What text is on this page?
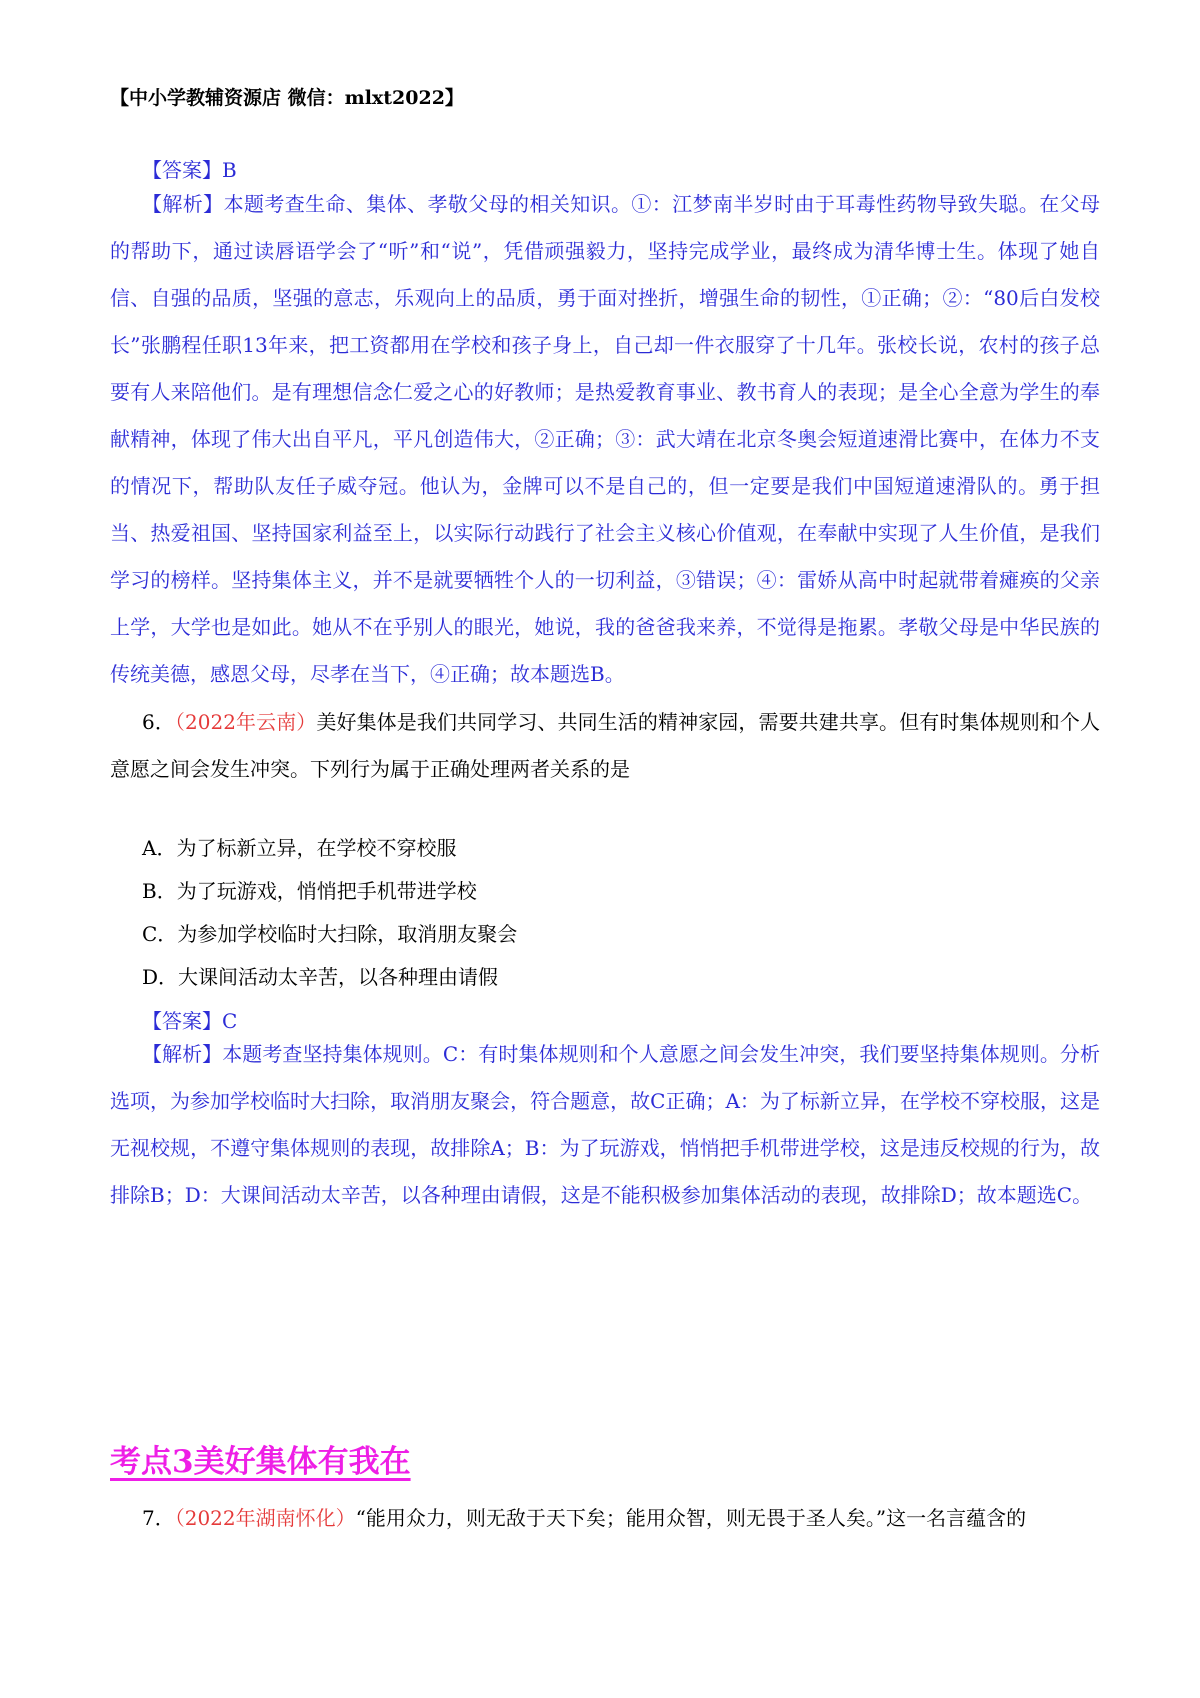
【中小学教辅资源店 微信：mlxt2022】
【答案】B
【解析】本题考查生命、集体、孝敬父母的相关知识。①：江梦南半岁时由于耳毒性药物导致失聪。在父母的帮助下，通过读唇语学会了“听”和“说”，凭借顽强毅力，坚持完成学业，最终成为清华博士生。体现了她自信、自强的品质，坚强的意志，乐观向上的品质，勇于面对挫折，增强生命的韧性，①正确；②：“80后白发校长”张鹏程任职13年来，把工资都用在学校和孩子身上，自己却一件衣服穿了十几年。张校长说，农村的孩子总要有人来陪他们。是有理想信念仁爱之心的好教师；是热爱教育事业、教书育人的表现；是全心全意为学生的奉献精神，体现了伟大出自平凡，平凡创造伟大，②正确；③：武大靖在北京冬奥会短道速滑比赛中，在体力不支的情况下，帮助队友任子威夺冠。他认为，金牌可以不是自己的，但一定要是我们中国短道速滑队的。勇于担当、热爱祖国、坚持国家利益至上，以实际行动践行了社会主义核心价值观，在奉献中实现了人生价值，是我们学习的榜样。坚持集体主义，并不是就要牺牲个人的一切利益，③错误；④：雷娇从高中时起就带着瘫痪的父亲上学，大学也是如此。她从不在乎别人的眼光，她说，我的爸爸我来养，不觉得是拖累。孝敬父母是中华民族的传统美德，感恩父母，尽孝在当下，④正确；故本题选B。
6．（2022年云南）美好集体是我们共同学习、共同生活的精神家园，需要共建共享。但有时集体规则和个人意愿之间会发生冲突。下列行为属于正确处理两者关系的是
A．为了标新立异，在学校不穿校服
B．为了玩游戏，悄悄把手机带进学校
C．为参加学校临时大扫除，取消朋友聚会
D．大课间活动太辛苦，以各种理由请假
【答案】C
【解析】本题考查坚持集体规则。C：有时集体规则和个人意愿之间会发生冲突，我们要坚持集体规则。分析选项，为参加学校临时大扫除，取消朋友聚会，符合题意，故C正确；A：为了标新立异，在学校不穿校服，这是无视校规，不遵守集体规则的表现，故排除A；B：为了玩游戏，悄悄把手机带进学校，这是违反校规的行为，故排除B；D：大课间活动太辛苦，以各种理由请假，这是不能积极参加集体活动的表现，故排除D；故本题选C。
考点3美好集体有我在
7．（2022年湖南怀化）“能用众力，则无敌于天下矣；能用众智，则无畏于圣人矣。”这一名言蕴含的
